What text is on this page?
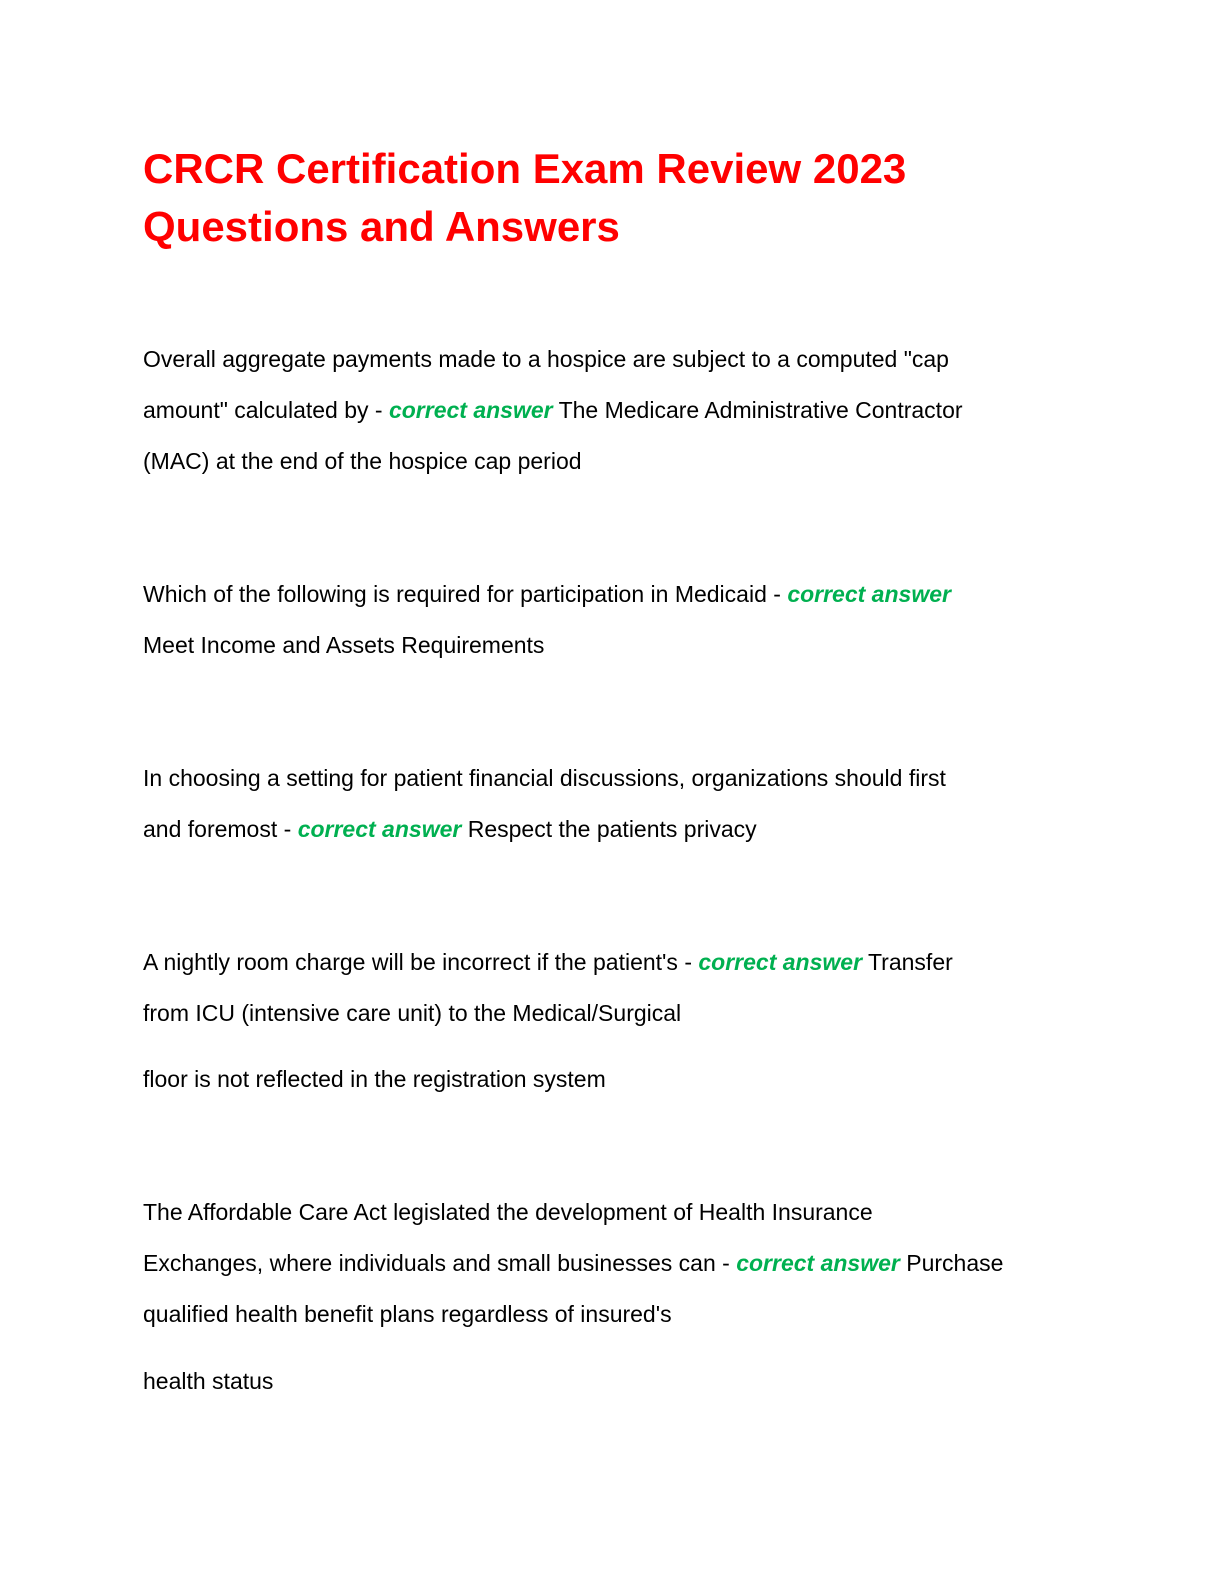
CRCR Certification Exam Review 2023
Questions and Answers

Overall aggregate payments made to a hospice are subject to a computed "cap

amount" calculated by - correct answer The Medicare Administrative Contractor

(MAC) at the end of the hospice cap period

Which of the following is required for participation in Medicaid - correct answer

Meet Income and Assets Requirements

In choosing a setting for patient financial discussions, organizations should first

and foremost - correct answer Respect the patients privacy

A nightly room charge will be incorrect if the patient's - correct answer Transfer

from ICU (intensive care unit) to the Medical/Surgical

floor is not reflected in the registration system

The Affordable Care Act legislated the development of Health Insurance

Exchanges, where individuals and small businesses can - correct answer Purchase

qualified health benefit plans regardless of insured's

health status
